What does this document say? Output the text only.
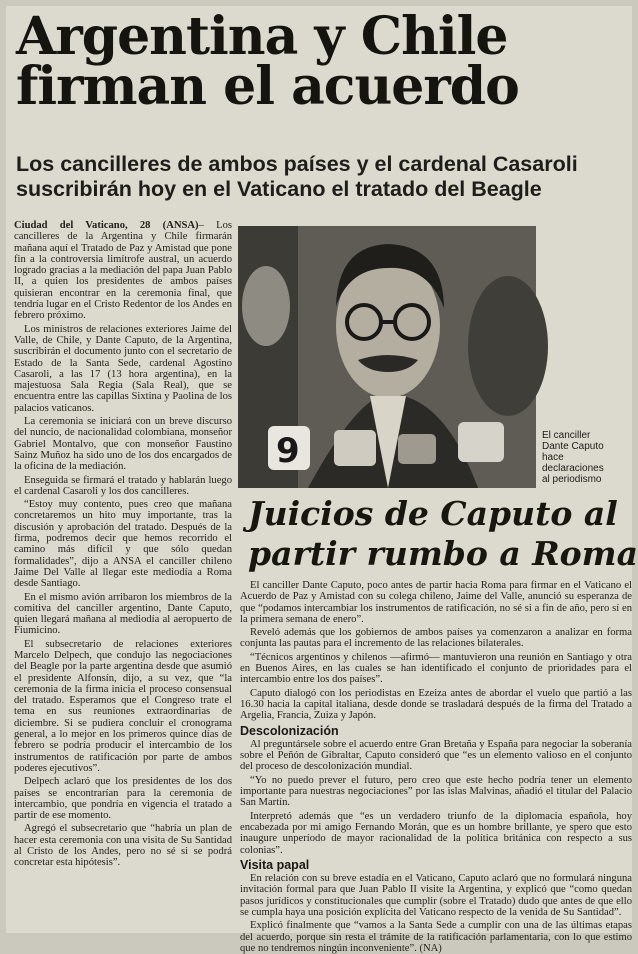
Argentina y Chile
firman el acuerdo
Los cancilleres de ambos países y el cardenal Casaroli
suscribirán hoy en el Vaticano el tratado del Beagle

Ciudad del Vaticano, 28 (ANSA)– Los cancilleres de la Argentina y Chile firmarán mañana aquí el Tratado de Paz y Amistad que pone fin a la controversia limítrofe austral, un acuerdo logrado gracias a la mediación del papa Juan Pablo II, a quien los presidentes de ambos países quisieran encontrar en la ceremonia final, que tendría lugar en el Cristo Redentor de los Andes en febrero próximo.

Los ministros de relaciones exteriores Jaime del Valle, de Chile, y Dante Caputo, de la Argentina, suscribirán el documento junto con el secretario de Estado de la Santa Sede, cardenal Agostino Casaroli, a las 17 (13 hora argentina), en la majestuosa Sala Regia (Sala Real), que se encuentra entre las capillas Sixtina y Paolina de los palacios vaticanos.

La ceremonia se iniciará con un breve discurso del nuncio, de nacionalidad colombiana, monseñor Gabriel Montalvo, que con monseñor Faustino Sainz Muñoz ha sido uno de los dos encargados de la oficina de la mediación.

Enseguida se firmará el tratado y hablarán luego el cardenal Casaroli y los dos cancilleres.

“Estoy muy contento, pues creo que mañana concretaremos un hito muy importante, tras la discusión y aprobación del tratado. Después de la firma, podremos decir que hemos recorrido el camino más difícil y que sólo quedan formalidades”, dijo a ANSA el canciller chileno Jaime Del Valle al llegar este mediodía a Roma desde Santiago.

En el mismo avión arribaron los miembros de la comitiva del canciller argentino, Dante Caputo, quien llegará mañana al mediodía al aeropuerto de Fiumicino.

El subsecretario de relaciones exteriores Marcelo Delpech, que condujo las negociaciones del Beagle por la parte argentina desde que asumió el presidente Alfonsín, dijo, a su vez, que “la ceremonia de la firma inicia el proceso consensual del tratado. Esperamos que el Congreso trate el tema en sus reuniones extraordinarias de diciembre. Si se pudiera concluir el cronograma general, a lo mejor en los primeros quince días de febrero se podría producir el intercambio de los instrumentos de ratificación por parte de ambos poderes ejecutivos”.

Delpech aclaró que los presidentes de los dos países se encontrarían para la ceremonia de intercambio, que pondría en vigencia el tratado a partir de ese momento.

Agregó el subsecretario que “habría un plan de hacer esta ceremonia con una visita de Su Santidad al Cristo de los Andes, pero no sé si se podrá concretar esta hipótesis”.

9	El canciller
Dante Caputo
hace
declaraciones
al periodismo
Juicios de Caputo al partir rumbo a Roma

El canciller Dante Caputo, poco antes de partir hacia Roma para firmar en el Vaticano el Acuerdo de Paz y Amistad con su colega chileno, Jaime del Valle, anunció su esperanza de que “podamos intercambiar los instrumentos de ratificación, no sé si a fin de año, pero sí en la primera semana de enero”.

Reveló además que los gobiernos de ambos países ya comenzaron a analizar en forma conjunta las pautas para el incremento de las relaciones bilaterales.

“Técnicos argentinos y chilenos —afirmó— mantuvieron una reunión en Santiago y otra en Buenos Aires, en las cuales se han identificado el conjunto de prioridades para el intercambio entre los dos países”.

Caputo dialogó con los periodistas en Ezeiza antes de abordar el vuelo que partió a las 16.30 hacia la capital italiana, desde donde se trasladará después de la firma del Tratado a Argelia, Francia, Zuiza y Japón.

Descolonización

Al preguntársele sobre el acuerdo entre Gran Bretaña y España para negociar la soberanía sobre el Peñón de Gibraltar, Caputo consideró que “es un elemento valioso en el conjunto del proceso de descolonización mundial.

“Yo no puedo prever el futuro, pero creo que este hecho podría tener un elemento importante para nuestras negociaciones” por las islas Malvinas, añadió el titular del Palacio San Martín.

Interpretó además que “es un verdadero triunfo de la diplomacia española, hoy encabezada por mi amigo Fernando Morán, que es un hombre brillante, ye spero que esto inaugure unperíodo de mayor racionalidad de la política británica con respecto a sus colonias”.

Visita papal

En relación con su breve estadía en el Vaticano, Caputo aclaró que no formulará ninguna invitación formal para que Juan Pablo II visite la Argentina, y explicó que “como quedan pasos jurídicos y constitucionales que cumplir (sobre el Tratado) dudo que antes de que ello se cumpla haya una posición explícita del Vaticano respecto de la venida de Su Santidad”.

Explicó finalmente que “vamos a la Santa Sede a cumplir con una de las últimas etapas del acuerdo, porque sin resta el trámite de la ratificación parlamentaria, con lo que estimo que no tendremos ningún inconveniente”. (NA)
